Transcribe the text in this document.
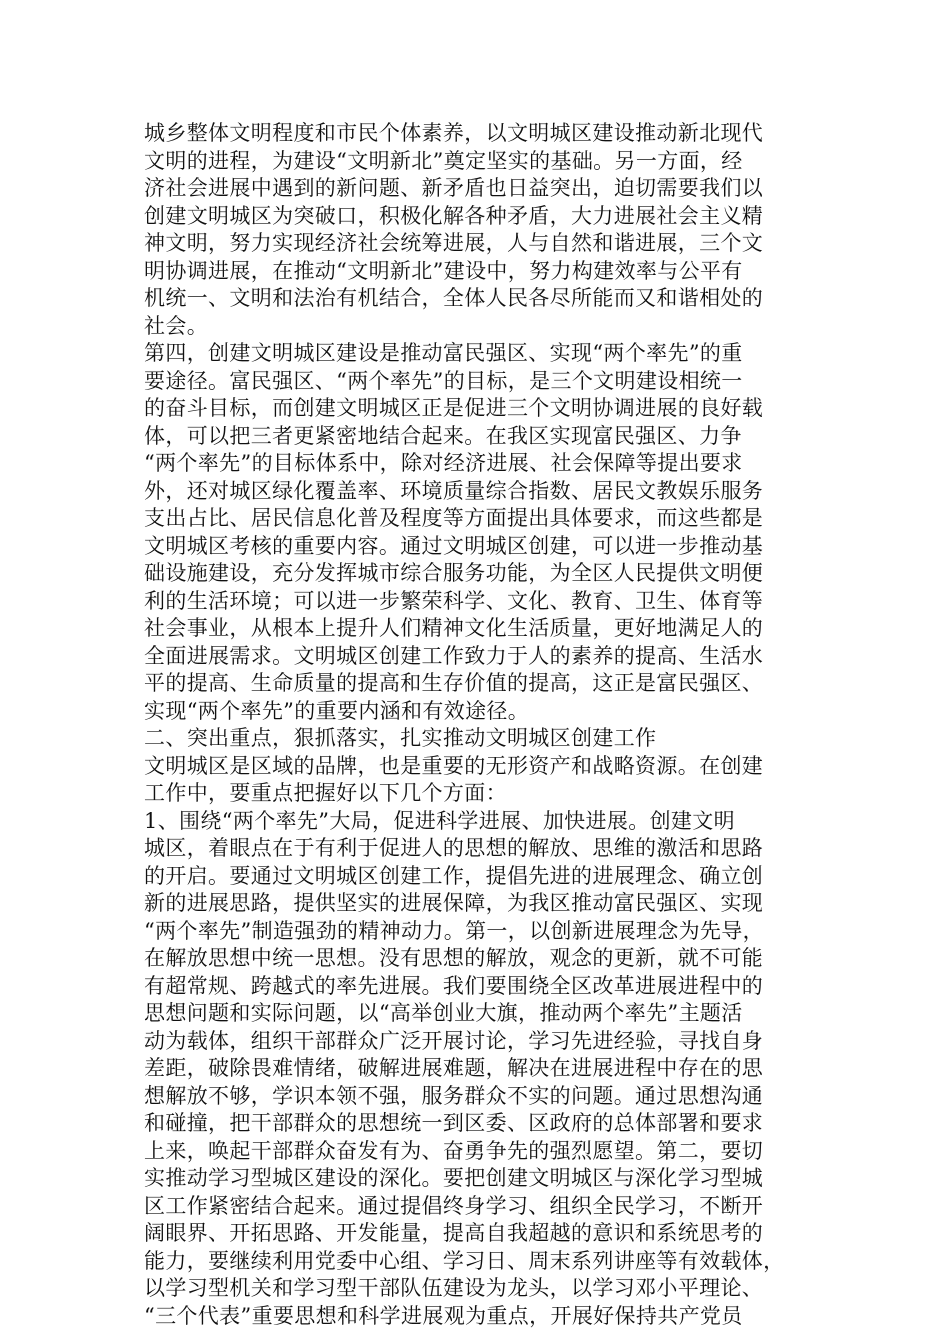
城乡整体文明程度和市民个体素养，以文明城区建设推动新北现代
文明的进程，为建设“文明新北”奠定坚实的基础。另一方面，经
济社会进展中遇到的新问题、新矛盾也日益突出，迫切需要我们以
创建文明城区为突破口，积极化解各种矛盾，大力进展社会主义精
神文明，努力实现经济社会统筹进展，人与自然和谐进展，三个文
明协调进展，在推动“文明新北”建设中，努力构建效率与公平有
机统一、文明和法治有机结合，全体人民各尽所能而又和谐相处的
社会。
第四，创建文明城区建设是推动富民强区、实现“两个率先”的重
要途径。富民强区、“两个率先”的目标，是三个文明建设相统一
的奋斗目标，而创建文明城区正是促进三个文明协调进展的良好载
体，可以把三者更紧密地结合起来。在我区实现富民强区、力争
“两个率先”的目标体系中，除对经济进展、社会保障等提出要求
外，还对城区绿化覆盖率、环境质量综合指数、居民文教娱乐服务
支出占比、居民信息化普及程度等方面提出具体要求，而这些都是
文明城区考核的重要内容。通过文明城区创建，可以进一步推动基
础设施建设，充分发挥城市综合服务功能，为全区人民提供文明便
利的生活环境；可以进一步繁荣科学、文化、教育、卫生、体育等
社会事业，从根本上提升人们精神文化生活质量，更好地满足人的
全面进展需求。文明城区创建工作致力于人的素养的提高、生活水
平的提高、生命质量的提高和生存价值的提高，这正是富民强区、
实现“两个率先”的重要内涵和有效途径。
二、突出重点，狠抓落实，扎实推动文明城区创建工作
文明城区是区域的品牌，也是重要的无形资产和战略资源。在创建
工作中，要重点把握好以下几个方面：
1、围绕“两个率先”大局，促进科学进展、加快进展。创建文明
城区，着眼点在于有利于促进人的思想的解放、思维的激活和思路
的开启。要通过文明城区创建工作，提倡先进的进展理念、确立创
新的进展思路，提供坚实的进展保障，为我区推动富民强区、实现
“两个率先”制造强劲的精神动力。第一，以创新进展理念为先导，
在解放思想中统一思想。没有思想的解放，观念的更新，就不可能
有超常规、跨越式的率先进展。我们要围绕全区改革进展进程中的
思想问题和实际问题，以“高举创业大旗，推动两个率先”主题活
动为载体，组织干部群众广泛开展讨论，学习先进经验，寻找自身
差距，破除畏难情绪，破解进展难题，解决在进展进程中存在的思
想解放不够，学识本领不强，服务群众不实的问题。通过思想沟通
和碰撞，把干部群众的思想统一到区委、区政府的总体部署和要求
上来，唤起干部群众奋发有为、奋勇争先的强烈愿望。第二，要切
实推动学习型城区建设的深化。要把创建文明城区与深化学习型城
区工作紧密结合起来。通过提倡终身学习、组织全民学习，不断开
阔眼界、开拓思路、开发能量，提高自我超越的意识和系统思考的
能力，要继续利用党委中心组、学习日、周末系列讲座等有效载体，
以学习型机关和学习型干部队伍建设为龙头，以学习邓小平理论、
“三个代表”重要思想和科学进展观为重点，开展好保持共产党员
